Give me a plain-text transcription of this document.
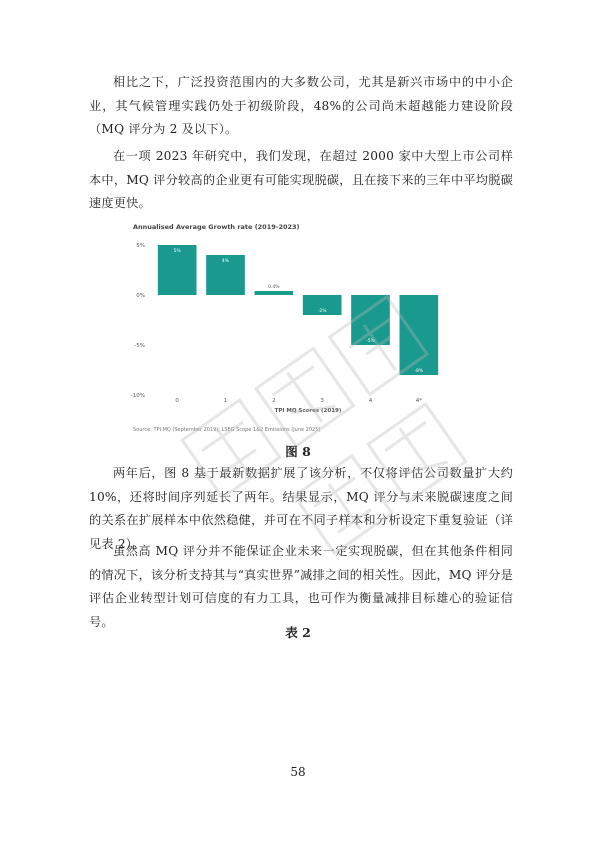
相比之下，广泛投资范围内的大多数公司，尤其是新兴市场中的中小企业，其气候管理实践仍处于初级阶段，48%的公司尚未超越能力建设阶段（MQ 评分为 2 及以下）。

在一项 2023 年研究中，我们发现，在超过 2000 家中大型上市公司样本中，MQ 评分较高的企业更有可能实现脱碳，且在接下来的三年中平均脱碳速度更快。

Annualised Average Growth rate (2019-2023)
5%
0%
-5%
-10%
5%
4%
0.4%
-2%
-5%
-8%
0	1	2	3	4	4*
TPI MQ Scores (2019)
Source: TPI MQ (September 2019); LSEG Scope 1&2 Emissions (June 2025)

图 8

两年后，图 8 基于最新数据扩展了该分析，不仅将评估公司数量扩大约 10%，还将时间序列延长了两年。结果显示，MQ 评分与未来脱碳速度之间的关系在扩展样本中依然稳健，并可在不同子样本和分析设定下重复验证（详见表 2）。

虽然高 MQ 评分并不能保证企业未来一定实现脱碳，但在其他条件相同的情况下，该分析支持其与“真实世界”减排之间的相关性。因此，MQ 评分是评估企业转型计划可信度的有力工具，也可作为衡量减排目标雄心的验证信号。

表 2

58
